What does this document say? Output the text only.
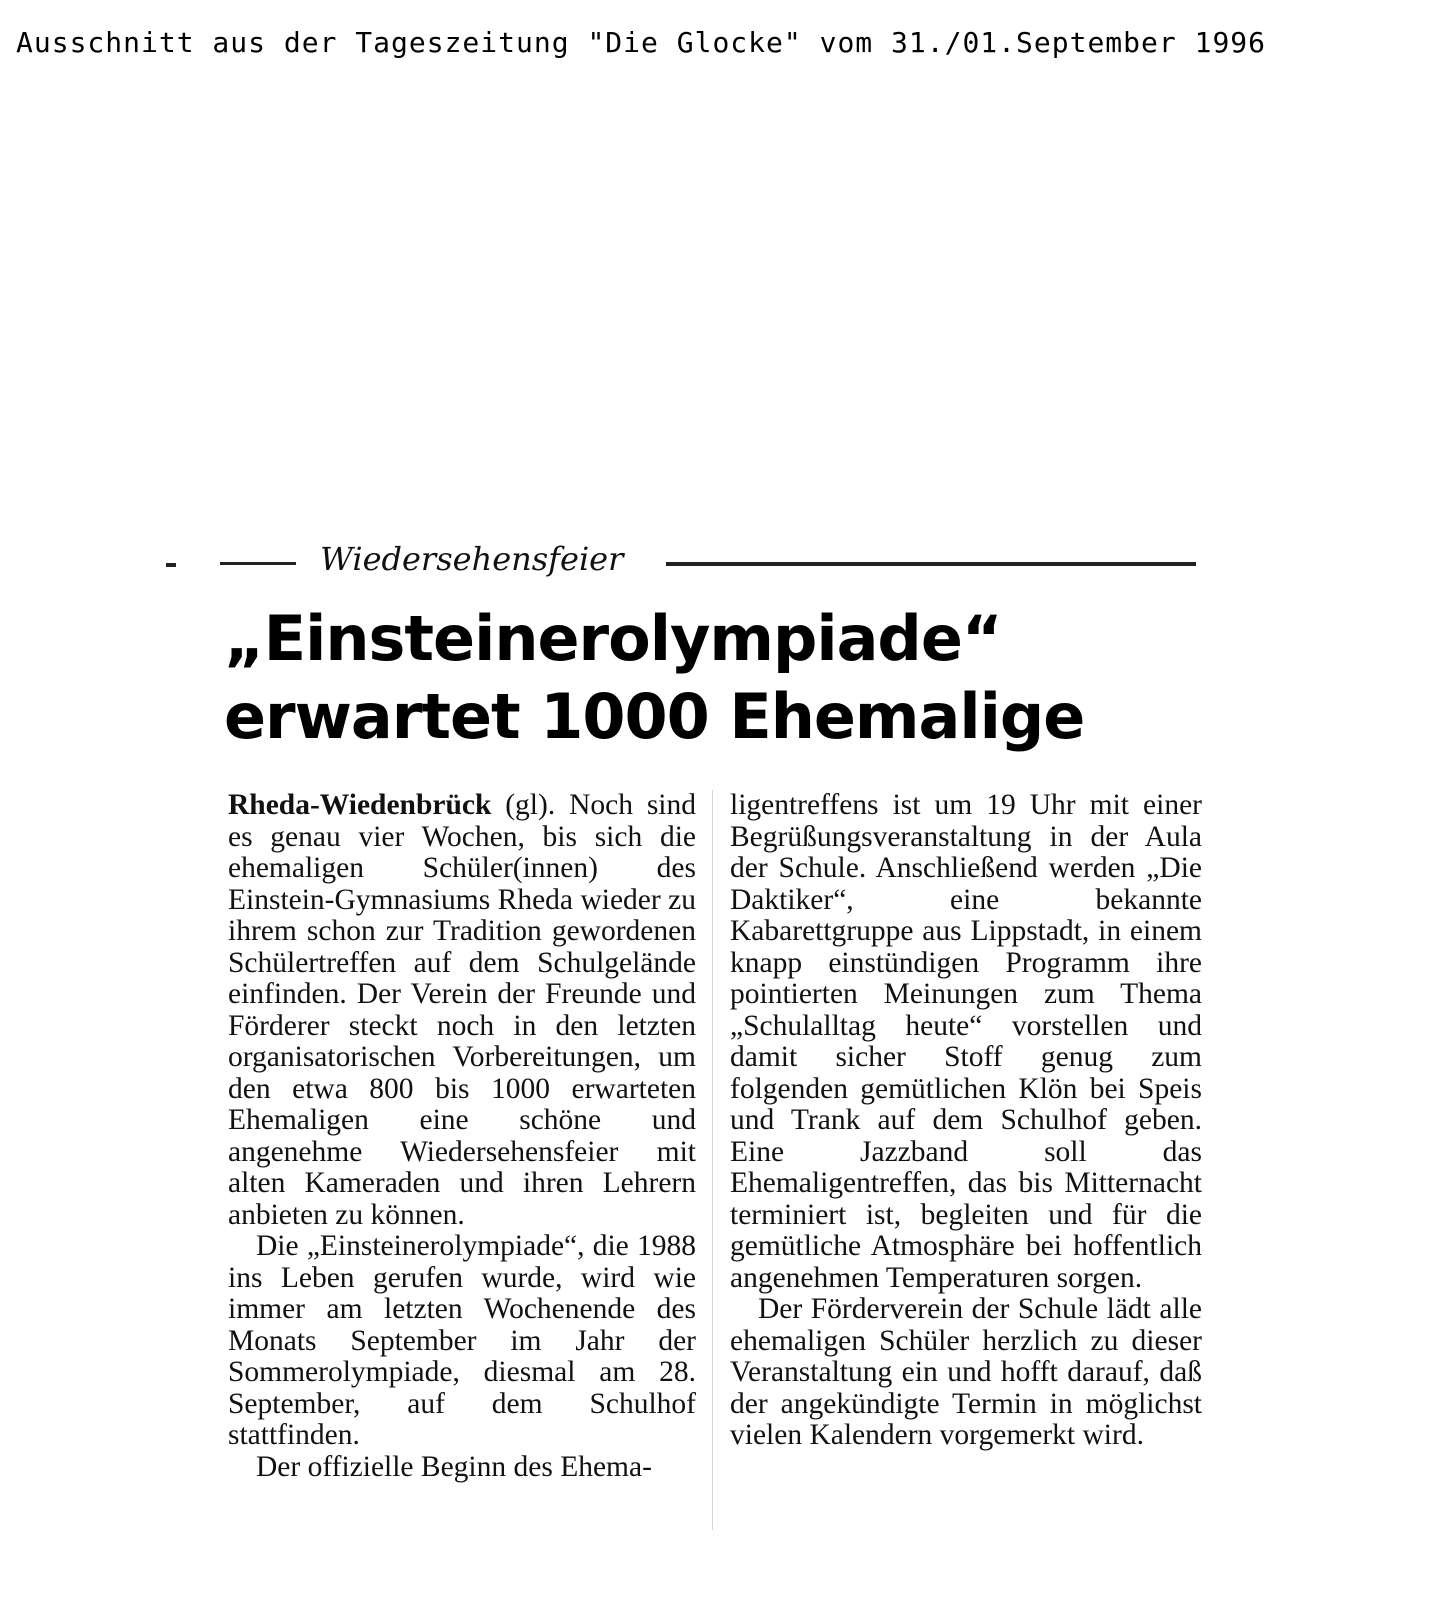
Ausschnitt aus der Tageszeitung "Die Glocke" vom 31./01.September 1996
Wiedersehensfeier
„Einsteinerolympiade“
erwartet 1000 Ehemalige

Rheda-Wiedenbrück (gl). Noch sind es genau vier Wochen, bis sich die ehemaligen Schüler(innen) des Einstein-Gymnasiums Rheda wieder zu ihrem schon zur Tradition gewordenen Schülertreffen auf dem Schulgelände einfinden. Der Verein der Freunde und Förderer steckt noch in den letzten organisatorischen Vorbereitungen, um den etwa 800 bis 1000 erwarteten Ehemaligen eine schöne und angenehme Wiedersehensfeier mit alten Kameraden und ihren Lehrern anbieten zu können.

Die „Einsteinerolympiade“, die 1988 ins Leben gerufen wurde, wird wie immer am letzten Wochenende des Monats September im Jahr der Sommerolympiade, diesmal am 28. September, auf dem Schulhof stattfinden.

Der offizielle Beginn des Ehema-

ligentreffens ist um 19 Uhr mit einer Begrüßungsveranstaltung in der Aula der Schule. Anschließend werden „Die Daktiker“, eine bekannte Kabarettgruppe aus Lippstadt, in einem knapp einstündigen Programm ihre pointierten Meinungen zum Thema „Schulalltag heute“ vorstellen und damit sicher Stoff genug zum folgenden gemütlichen Klön bei Speis und Trank auf dem Schulhof geben. Eine Jazzband soll das Ehemaligentreffen, das bis Mitternacht terminiert ist, begleiten und für die gemütliche Atmosphäre bei hoffentlich angenehmen Temperaturen sorgen.

Der Förderverein der Schule lädt alle ehemaligen Schüler herzlich zu dieser Veranstaltung ein und hofft darauf, daß der angekündigte Termin in möglichst vielen Kalendern vorgemerkt wird.
